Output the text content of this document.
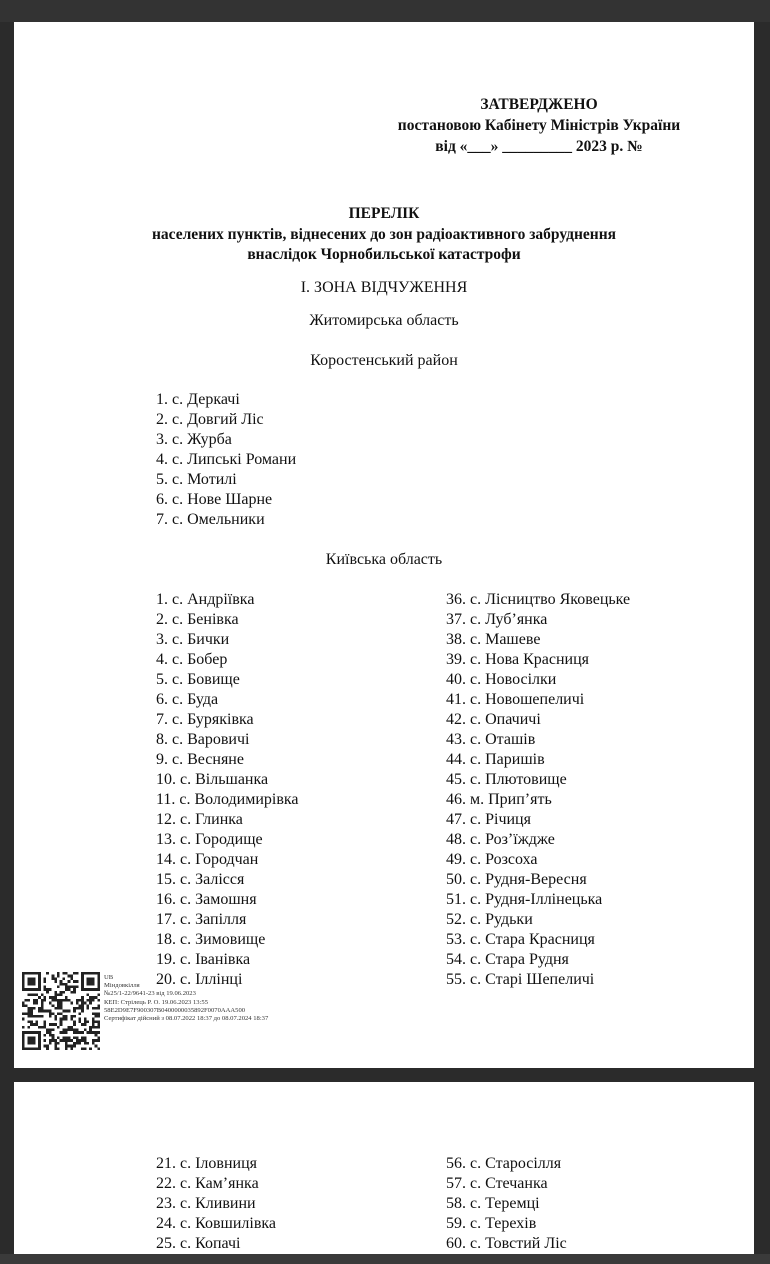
ЗАТВЕРДЖЕНО
постановою Кабінету Міністрів України
від «___» _________ 2023 р. №
ПЕРЕЛІК
населених пунктів, віднесених до зон радіоактивного забруднення
внаслідок Чорнобильської катастрофи
І. ЗОНА ВІДЧУЖЕННЯ
Житомирська область
Коростенський район
1. с. Деркачі
2. с. Довгий Ліс
3. с. Журба
4. с. Липські Романи
5. с. Мотилі
6. с. Нове Шарне
7. с. Омельники
Київська область
1. с. Андріївка
2. с. Бенівка
3. с. Бички
4. с. Бобер
5. с. Бовище
6. с. Буда
7. с. Буряківка
8. с. Варовичі
9. с. Весняне
10. с. Вільшанка
11. с. Володимирівка
12. с. Глинка
13. с. Городище
14. с. Городчан
15. с. Залісся
16. с. Замошня
17. с. Запілля
18. с. Зимовище
19. с. Іванівка
20. с. Іллінці
36. с. Лісництво Яковецьке
37. с. Луб’янка
38. с. Машеве
39. с. Нова Красниця
40. с. Новосілки
41. с. Новошепеличі
42. с. Опачичі
43. с. Оташів
44. с. Паришів
45. с. Плютовище
46. м. Прип’ять
47. с. Річиця
48. с. Роз’їждже
49. с. Розсоха
50. с. Рудня-Вересня
51. с. Рудня-Іллінецька
52. с. Рудьки
53. с. Стара Красниця
54. с. Стара Рудня
55. с. Старі Шепеличі
UB
Міндовкілля
№25/1-22/9641-23 від 19.06.2023
КЕП: Стрілець Р. О. 19.06.2023 13:55
58E2D9E7F900307B0400000035892F0070AAA500
Сертифікат дійсний з 08.07.2022 18:37 до 08.07.2024 18:37
21. с. Іловниця
22. с. Кам’янка
23. с. Кливини
24. с. Ковшилівка
25. с. Копачі
56. с. Старосілля
57. с. Стечанка
58. с. Теремці
59. с. Терехів
60. с. Товстий Ліс
